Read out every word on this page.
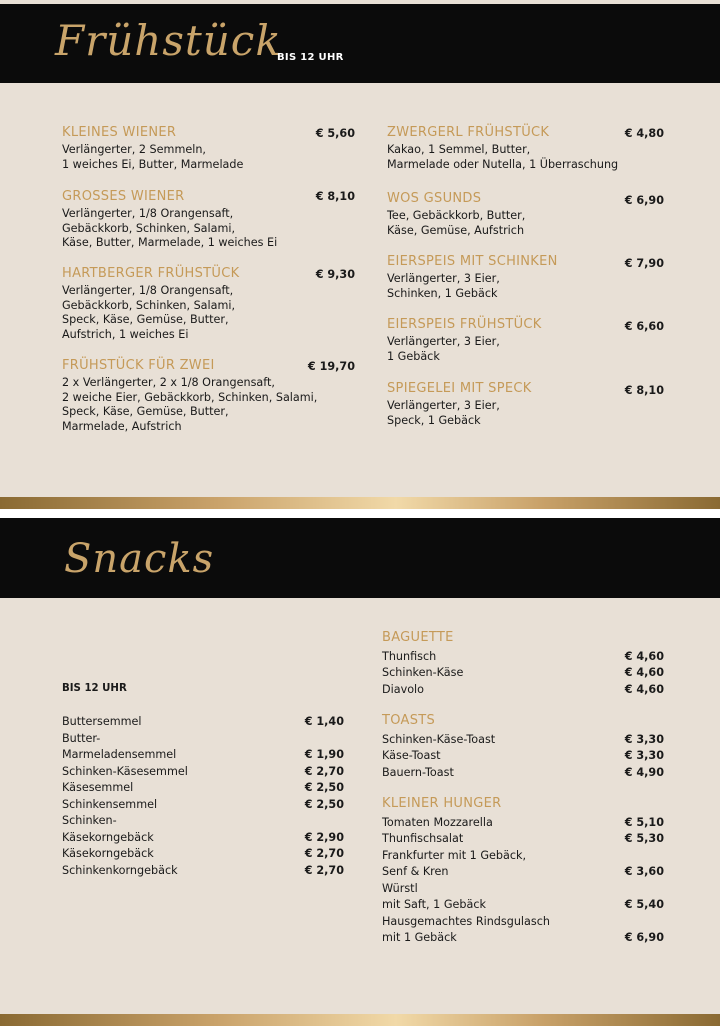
Frühstück
BIS 12 UHR
KLEINES WIENER
Verlängerter, 2 Semmeln,
1 weiches Ei, Butter, Marmelade
€ 5,60
GROSSES WIENER
Verlängerter, 1/8 Orangensaft,
Gebäckkorb, Schinken, Salami,
Käse, Butter, Marmelade, 1 weiches Ei
€ 8,10
HARTBERGER FRÜHSTÜCK
Verlängerter, 1/8 Orangensaft,
Gebäckkorb, Schinken, Salami,
Speck, Käse, Gemüse, Butter,
Aufstrich, 1 weiches Ei
€ 9,30
FRÜHSTÜCK FÜR ZWEI
2 x Verlängerter, 2 x 1/8 Orangensaft,
2 weiche Eier, Gebäckkorb, Schinken, Salami,
Speck, Käse, Gemüse, Butter,
Marmelade, Aufstrich
€ 19,70
ZWERGERL FRÜHSTÜCK
Kakao, 1 Semmel, Butter,
Marmelade oder Nutella, 1 Überraschung
€ 4,80
WOS GSUNDS
Tee, Gebäckkorb, Butter,
Käse, Gemüse, Aufstrich
€ 6,90
EIERSPEIS MIT SCHINKEN
Verlängerter, 3 Eier,
Schinken, 1 Gebäck
€ 7,90
EIERSPEIS FRÜHSTÜCK
Verlängerter, 3 Eier,
1 Gebäck
€ 6,60
SPIEGELEI MIT SPECK
Verlängerter, 3 Eier,
Speck, 1 Gebäck
€ 8,10
Snacks
BIS 12 UHR
Buttersemmel	€ 1,40
Butter-
Marmeladensemmel	€ 1,90
Schinken-Käsesemmel	€ 2,70
Käsesemmel	€ 2,50
Schinkensemmel	€ 2,50
Schinken-
Käsekorngebäck	€ 2,90
Käsekorngebäck	€ 2,70
Schinkenkorngebäck	€ 2,70
BAGUETTE
Thunfisch	€ 4,60
Schinken-Käse	€ 4,60
Diavolo	€ 4,60
TOASTS
Schinken-Käse-Toast	€ 3,30
Käse-Toast	€ 3,30
Bauern-Toast	€ 4,90
KLEINER HUNGER
Tomaten Mozzarella	€ 5,10
Thunfischsalat	€ 5,30
Frankfurter mit 1 Gebäck,
Senf & Kren	€ 3,60
Würstl
mit Saft, 1 Gebäck	€ 5,40
Hausgemachtes Rindsgulasch
mit 1 Gebäck	€ 6,90
